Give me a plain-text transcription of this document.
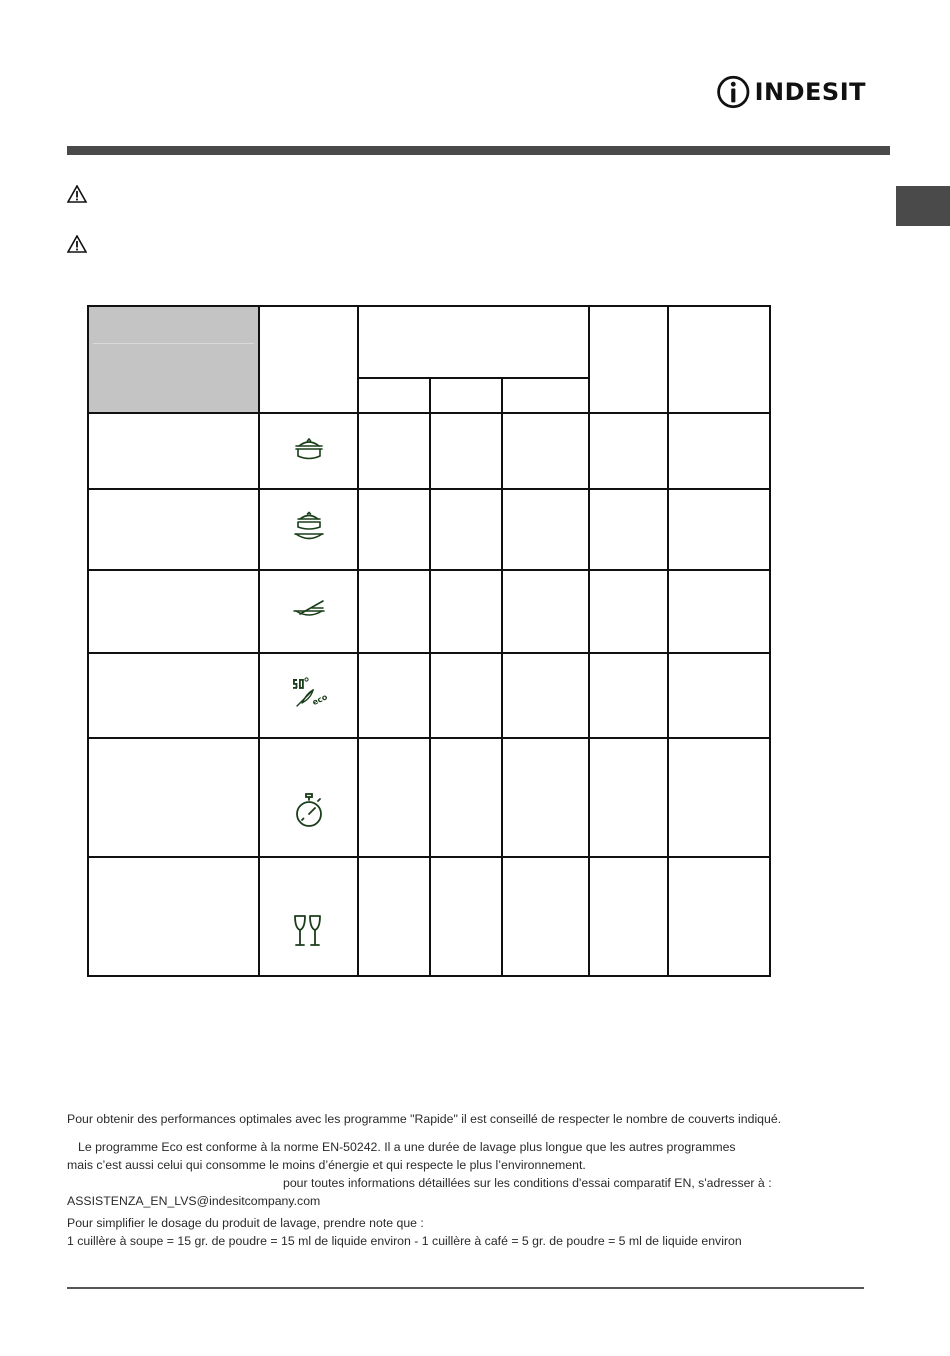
INDESIT

eco					

Pour obtenir des performances optimales avec les programme "Rapide" il est conseillé de respecter le nombre de couverts indiqué.
Le programme Eco est conforme à la norme EN-50242. Il a une durée de lavage plus longue que les autres programmes
mais c’est aussi celui qui consomme le moins d’énergie et qui respecte le plus l’environnement.
pour toutes informations détaillées sur les conditions d'essai comparatif EN, s'adresser à :
ASSISTENZA_EN_LVS@indesitcompany.com
Pour simplifier le dosage du produit de lavage, prendre note que :
1 cuillère à soupe = 15 gr. de poudre = 15 ml de liquide environ - 1 cuillère à café = 5 gr. de poudre = 5 ml de liquide environ
